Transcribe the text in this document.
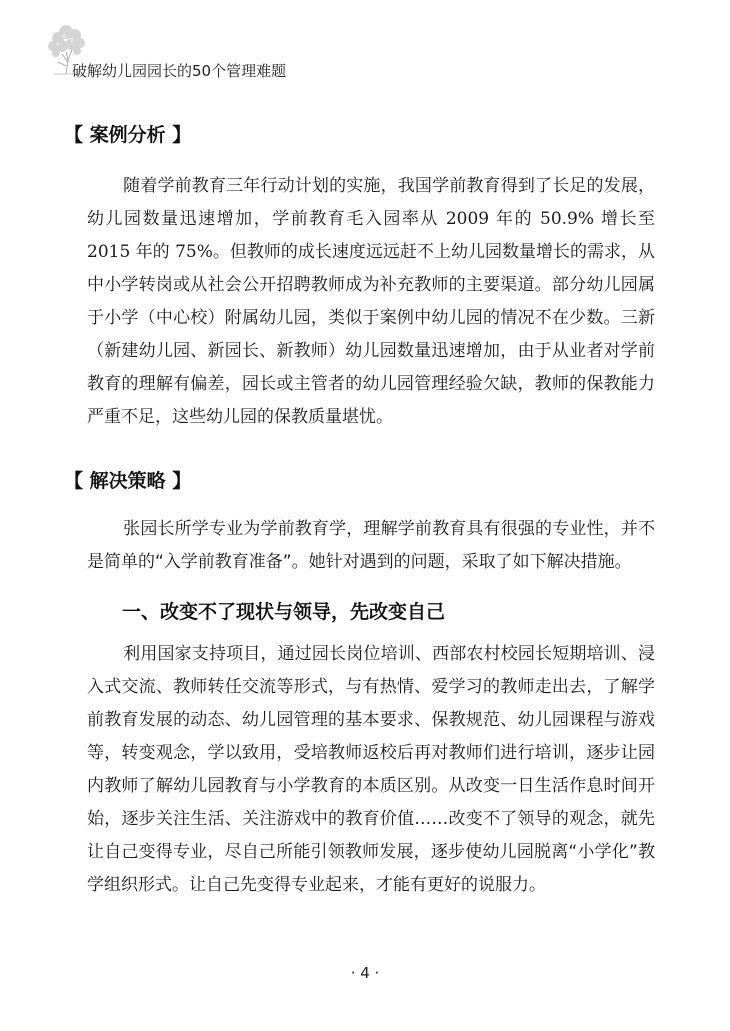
破解幼儿园园长的50个管理难题
【 案例分析 】
随着学前教育三年行动计划的实施，我国学前教育得到了长足的发展，幼儿园数量迅速增加，学前教育毛入园率从 2009 年的 50.9% 增长至 2015 年的 75%。但教师的成长速度远远赶不上幼儿园数量增长的需求，从中小学转岗或从社会公开招聘教师成为补充教师的主要渠道。部分幼儿园属于小学（中心校）附属幼儿园，类似于案例中幼儿园的情况不在少数。三新（新建幼儿园、新园长、新教师）幼儿园数量迅速增加，由于从业者对学前教育的理解有偏差，园长或主管者的幼儿园管理经验欠缺，教师的保教能力严重不足，这些幼儿园的保教质量堪忧。
【 解决策略 】
张园长所学专业为学前教育学，理解学前教育具有很强的专业性，并不是简单的“入学前教育准备”。她针对遇到的问题，采取了如下解决措施。
一、改变不了现状与领导，先改变自己
利用国家支持项目，通过园长岗位培训、西部农村校园长短期培训、浸入式交流、教师转任交流等形式，与有热情、爱学习的教师走出去，了解学前教育发展的动态、幼儿园管理的基本要求、保教规范、幼儿园课程与游戏等，转变观念，学以致用，受培教师返校后再对教师们进行培训，逐步让园内教师了解幼儿园教育与小学教育的本质区别。从改变一日生活作息时间开始，逐步关注生活、关注游戏中的教育价值……改变不了领导的观念，就先让自己变得专业，尽自己所能引领教师发展，逐步使幼儿园脱离“小学化”教学组织形式。让自己先变得专业起来，才能有更好的说服力。
· 4 ·
